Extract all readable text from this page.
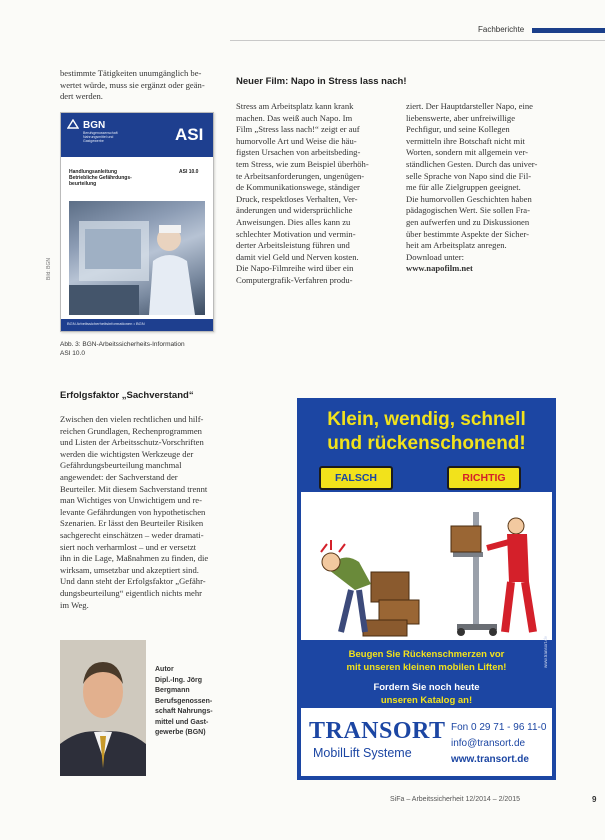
Fachberichte

bestimmte Tätigkeiten unumgänglich be-

wertet würde, muss sie ergänzt oder geän-

dert werden.

BGN
Berufsgenossenschaft Nahrungsmittel und Gastgewerbe	ASI
Handlungsanleitung
Betriebliche Gefährdungs-
beurteilung
ASI 10.0
BGN Arbeitssicherheitsinformationen • BGN
Bild: BGN
Abb. 3: BGN-Arbeitssicherheits-Information
ASI 10.0
Neuer Film: Napo in Stress lass nach!

Stress am Arbeitsplatz kann krank

machen. Das weiß auch Napo. Im

Film „Stress lass nach!“ zeigt er auf

humorvolle Art und Weise die häu-

figsten Ursachen von arbeitsbeding-

tem Stress, wie zum Beispiel überhöh-

te Arbeitsanforderungen, ungenügen-

de Kommunikationswege, ständiger

Druck, respektloses Verhalten, Ver-

änderungen und widersprüchliche

Anweisungen. Dies alles kann zu

schlechter Motivation und vermin-

derter Arbeitsleistung führen und

damit viel Geld und Nerven kosten.

Die Napo-Filmreihe wird über ein

Computergrafik-Verfahren produ-

ziert. Der Hauptdarsteller Napo, eine

liebenswerte, aber unfreiwillige

Pechfigur, und seine Kollegen

vermitteln ihre Botschaft nicht mit

Worten, sondern mit allgemein ver-

ständlichen Gesten. Durch das univer-

selle Sprache von Napo sind die Fil-

me für alle Zielgruppen geeignet.

Die humorvollen Geschichten haben

pädagogischen Wert. Sie sollen Fra-

gen aufwerfen und zu Diskussionen

über bestimmte Aspekte der Sicher-

heit am Arbeitsplatz anregen.

Download unter:

www.napofilm.net

Erfolgsfaktor „Sachverstand“

Zwischen den vielen rechtlichen und hilf-

reichen Grundlagen, Rechenprogrammen

und Listen der Arbeitsschutz-Vorschriften

werden die wichtigsten Werkzeuge der

Gefährdungsbeurteilung manchmal

angewendet: der Sachverstand der

Beurteiler. Mit diesem Sachverstand trennt

man Wichtiges von Unwichtigem und re-

levante Gefährdungen von hypothetischen

Szenarien. Er lässt den Beurteiler Risiken

sachgerecht einschätzen – weder dramati-

siert noch verharmlost – und er versetzt

ihn in die Lage, Maßnahmen zu finden, die

wirksam, umsetzbar und akzeptiert sind.

Und dann steht der Erfolgsfaktor „Gefähr-

dungsbeurteilung“ eigentlich nichts mehr

im Weg.

Klein, wendig, schnell
und rückenschonend!
FALSCH	RICHTIG
Beugen Sie Rückenschmerzen vor
mit unseren kleinen mobilen Liften!
Fordern Sie noch heute
unseren Katalog an!
www.transort.de
TRANSORT
MobilLift Systeme
Fon 0 29 71 - 96 11-0
info@transort.de
www.transort.de
Autor
Dipl.-Ing. Jörg
Bergmann
Berufsgenossen-
schaft Nahrungs-
mittel und Gast-
gewerbe (BGN)
SiFa – Arbeitssicherheit 12/2014 – 2/2015	9
